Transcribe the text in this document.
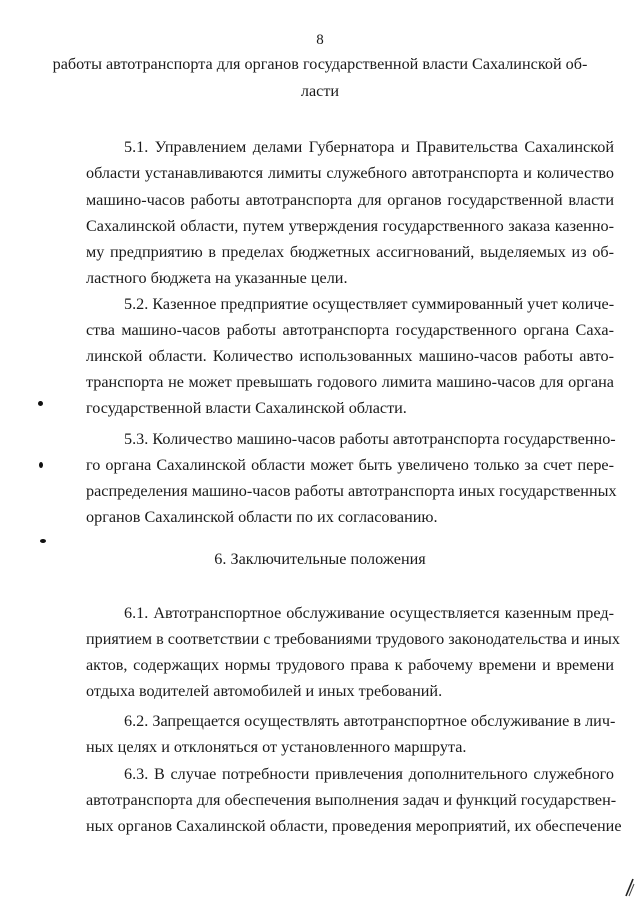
8
работы автотранспорта для органов государственной власти Сахалинской об-
ласти
5.1. Управлением делами Губернатора и Правительства Сахалинской
области устанавливаются лимиты служебного автотранспорта и количество
машино-часов работы автотранспорта для органов государственной власти
Сахалинской области, путем утверждения государственного заказа казенно-
му предприятию в пределах бюджетных ассигнований, выделяемых из об-
ластного бюджета на указанные цели.
5.2. Казенное предприятие осуществляет суммированный учет количе-
ства машино-часов работы автотранспорта государственного органа Саха-
линской области. Количество использованных машино-часов работы авто-
транспорта не может превышать годового лимита машино-часов для органа
государственной власти Сахалинской области.
5.3. Количество машино-часов работы автотранспорта государственно-
го органа Сахалинской области может быть увеличено только за счет пере-
распределения машино-часов работы автотранспорта иных государственных
органов Сахалинской области по их согласованию.
6. Заключительные положения
6.1. Автотранспортное обслуживание осуществляется казенным пред-
приятием в соответствии с требованиями трудового законодательства и иных
актов, содержащих нормы трудового права к рабочему времени и времени
отдыха водителей автомобилей и иных требований.
6.2. Запрещается осуществлять автотранспортное обслуживание в лич-
ных целях и отклоняться от установленного маршрута.
6.3. В случае потребности привлечения дополнительного служебного
автотранспорта для обеспечения выполнения задач и функций государствен-
ных органов Сахалинской области, проведения мероприятий, их обеспечение
